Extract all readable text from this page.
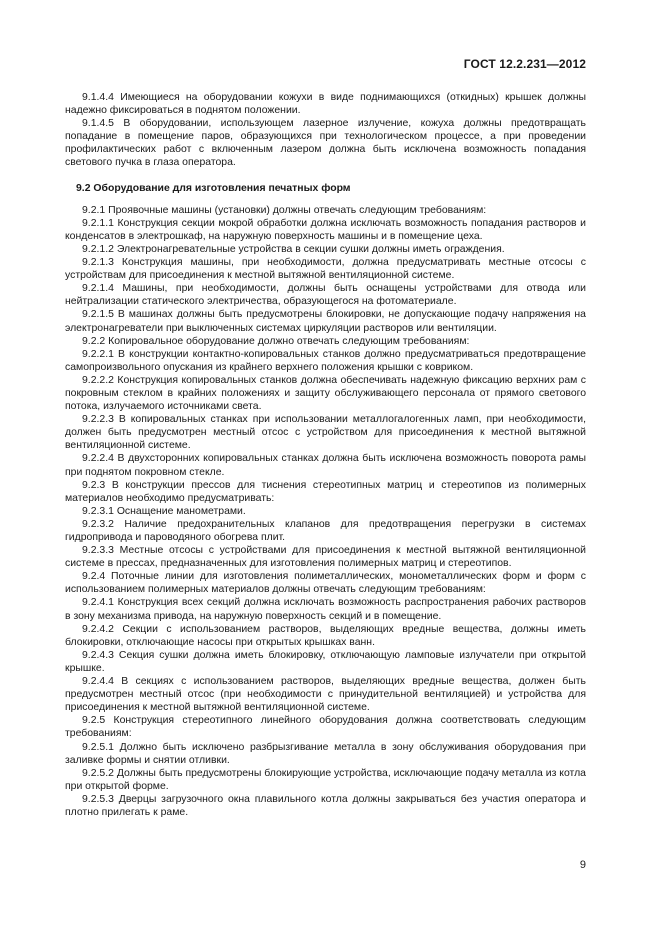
ГОСТ 12.2.231—2012

9.1.4.4 Имеющиеся на оборудовании кожухи в виде поднимающихся (откидных) крышек должны надежно фиксироваться в поднятом положении.

9.1.4.5 В оборудовании, использующем лазерное излучение, кожуха должны предотвращать попадание в помещение паров, образующихся при технологическом процессе, а при проведении профилактических работ с включенным лазером должна быть исключена возможность попадания светового пучка в глаза оператора.

9.2 Оборудование для изготовления печатных форм

9.2.1 Проявочные машины (установки) должны отвечать следующим требованиям:

9.2.1.1 Конструкция секции мокрой обработки должна исключать возможность попадания растворов и конденсатов в электрошкаф, на наружную поверхность машины и в помещение цеха.

9.2.1.2 Электронагревательные устройства в секции сушки должны иметь ограждения.

9.2.1.3 Конструкция машины, при необходимости, должна предусматривать местные отсосы с устройствам для присоединения к местной вытяжной вентиляционной системе.

9.2.1.4 Машины, при необходимости, должны быть оснащены устройствами для отвода или нейтрализации статического электричества, образующегося на фотоматериале.

9.2.1.5 В машинах должны быть предусмотрены блокировки, не допускающие подачу напряжения на электронагреватели при выключенных системах циркуляции растворов или вентиляции.

9.2.2 Копировальное оборудование должно отвечать следующим требованиям:

9.2.2.1 В конструкции контактно-копировальных станков должно предусматриваться предотвращение самопроизвольного опускания из крайнего верхнего положения крышки с ковриком.

9.2.2.2 Конструкция копировальных станков должна обеспечивать надежную фиксацию верхних рам с покровным стеклом в крайних положениях и защиту обслуживающего персонала от прямого светового потока, излучаемого источниками света.

9.2.2.3 В копировальных станках при использовании металлогалогенных ламп, при необходимости, должен быть предусмотрен местный отсос с устройством для присоединения к местной вытяжной вентиляционной системе.

9.2.2.4 В двухсторонних копировальных станках должна быть исключена возможность поворота рамы при поднятом покровном стекле.

9.2.3 В конструкции прессов для тиснения стереотипных матриц и стереотипов из полимерных материалов необходимо предусматривать:

9.2.3.1 Оснащение манометрами.

9.2.3.2 Наличие предохранительных клапанов для предотвращения перегрузки в системах гидропривода и пароводяного обогрева плит.

9.2.3.3 Местные отсосы с устройствами для присоединения к местной вытяжной вентиляционной системе в прессах, предназначенных для изготовления полимерных матриц и стереотипов.

9.2.4 Поточные линии для изготовления полиметаллических, монометаллических форм и форм с использованием полимерных материалов должны отвечать следующим требованиям:

9.2.4.1 Конструкция всех секций должна исключать возможность распространения рабочих растворов в зону механизма привода, на наружную поверхность секций и в помещение.

9.2.4.2 Секции с использованием растворов, выделяющих вредные вещества, должны иметь блокировки, отключающие насосы при открытых крышках ванн.

9.2.4.3 Секция сушки должна иметь блокировку, отключающую ламповые излучатели при открытой крышке.

9.2.4.4 В секциях с использованием растворов, выделяющих вредные вещества, должен быть предусмотрен местный отсос (при необходимости с принудительной вентиляцией) и устройства для присоединения к местной вытяжной вентиляционной системе.

9.2.5 Конструкция стереотипного линейного оборудования должна соответствовать следующим требованиям:

9.2.5.1 Должно быть исключено разбрызгивание металла в зону обслуживания оборудования при заливке формы и снятии отливки.

9.2.5.2 Должны быть предусмотрены блокирующие устройства, исключающие подачу металла из котла при открытой форме.

9.2.5.3 Дверцы загрузочного окна плавильного котла должны закрываться без участия оператора и плотно прилегать к раме.

9
